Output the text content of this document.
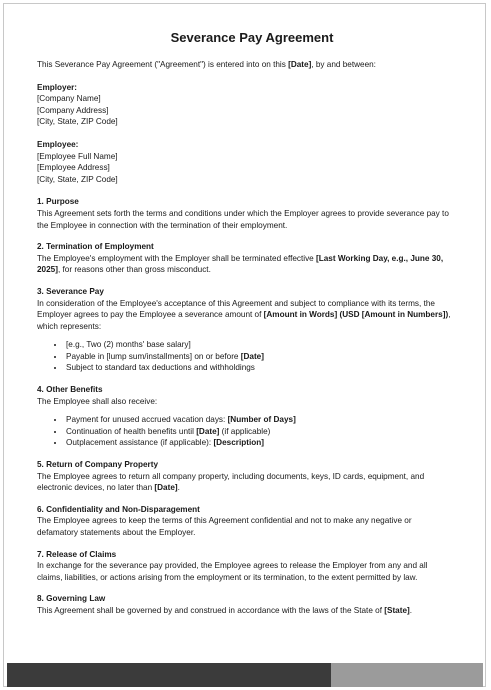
Severance Pay Agreement

This Severance Pay Agreement ("Agreement") is entered into on this [Date], by and between:

Employer:
[Company Name]
[Company Address]
[City, State, ZIP Code]
Employee:
[Employee Full Name]
[Employee Address]
[City, State, ZIP Code]
1. Purpose

This Agreement sets forth the terms and conditions under which the Employer agrees to provide severance pay to the Employee in connection with the termination of their employment.

2. Termination of Employment

The Employee's employment with the Employer shall be terminated effective [Last Working Day, e.g., June 30, 2025], for reasons other than gross misconduct.

3. Severance Pay

In consideration of the Employee's acceptance of this Agreement and subject to compliance with its terms, the Employer agrees to pay the Employee a severance amount of [Amount in Words] (USD [Amount in Numbers]), which represents:

• [e.g., Two (2) months' base salary]
• Payable in [lump sum/installments] on or before [Date]
• Subject to standard tax deductions and withholdings
4. Other Benefits

The Employee shall also receive:

• Payment for unused accrued vacation days: [Number of Days]
• Continuation of health benefits until [Date] (if applicable)
• Outplacement assistance (if applicable): [Description]
5. Return of Company Property

The Employee agrees to return all company property, including documents, keys, ID cards, equipment, and electronic devices, no later than [Date].

6. Confidentiality and Non-Disparagement

The Employee agrees to keep the terms of this Agreement confidential and not to make any negative or defamatory statements about the Employer.

7. Release of Claims

In exchange for the severance pay provided, the Employee agrees to release the Employer from any and all claims, liabilities, or actions arising from the employment or its termination, to the extent permitted by law.

8. Governing Law

This Agreement shall be governed by and construed in accordance with the laws of the State of [State].
